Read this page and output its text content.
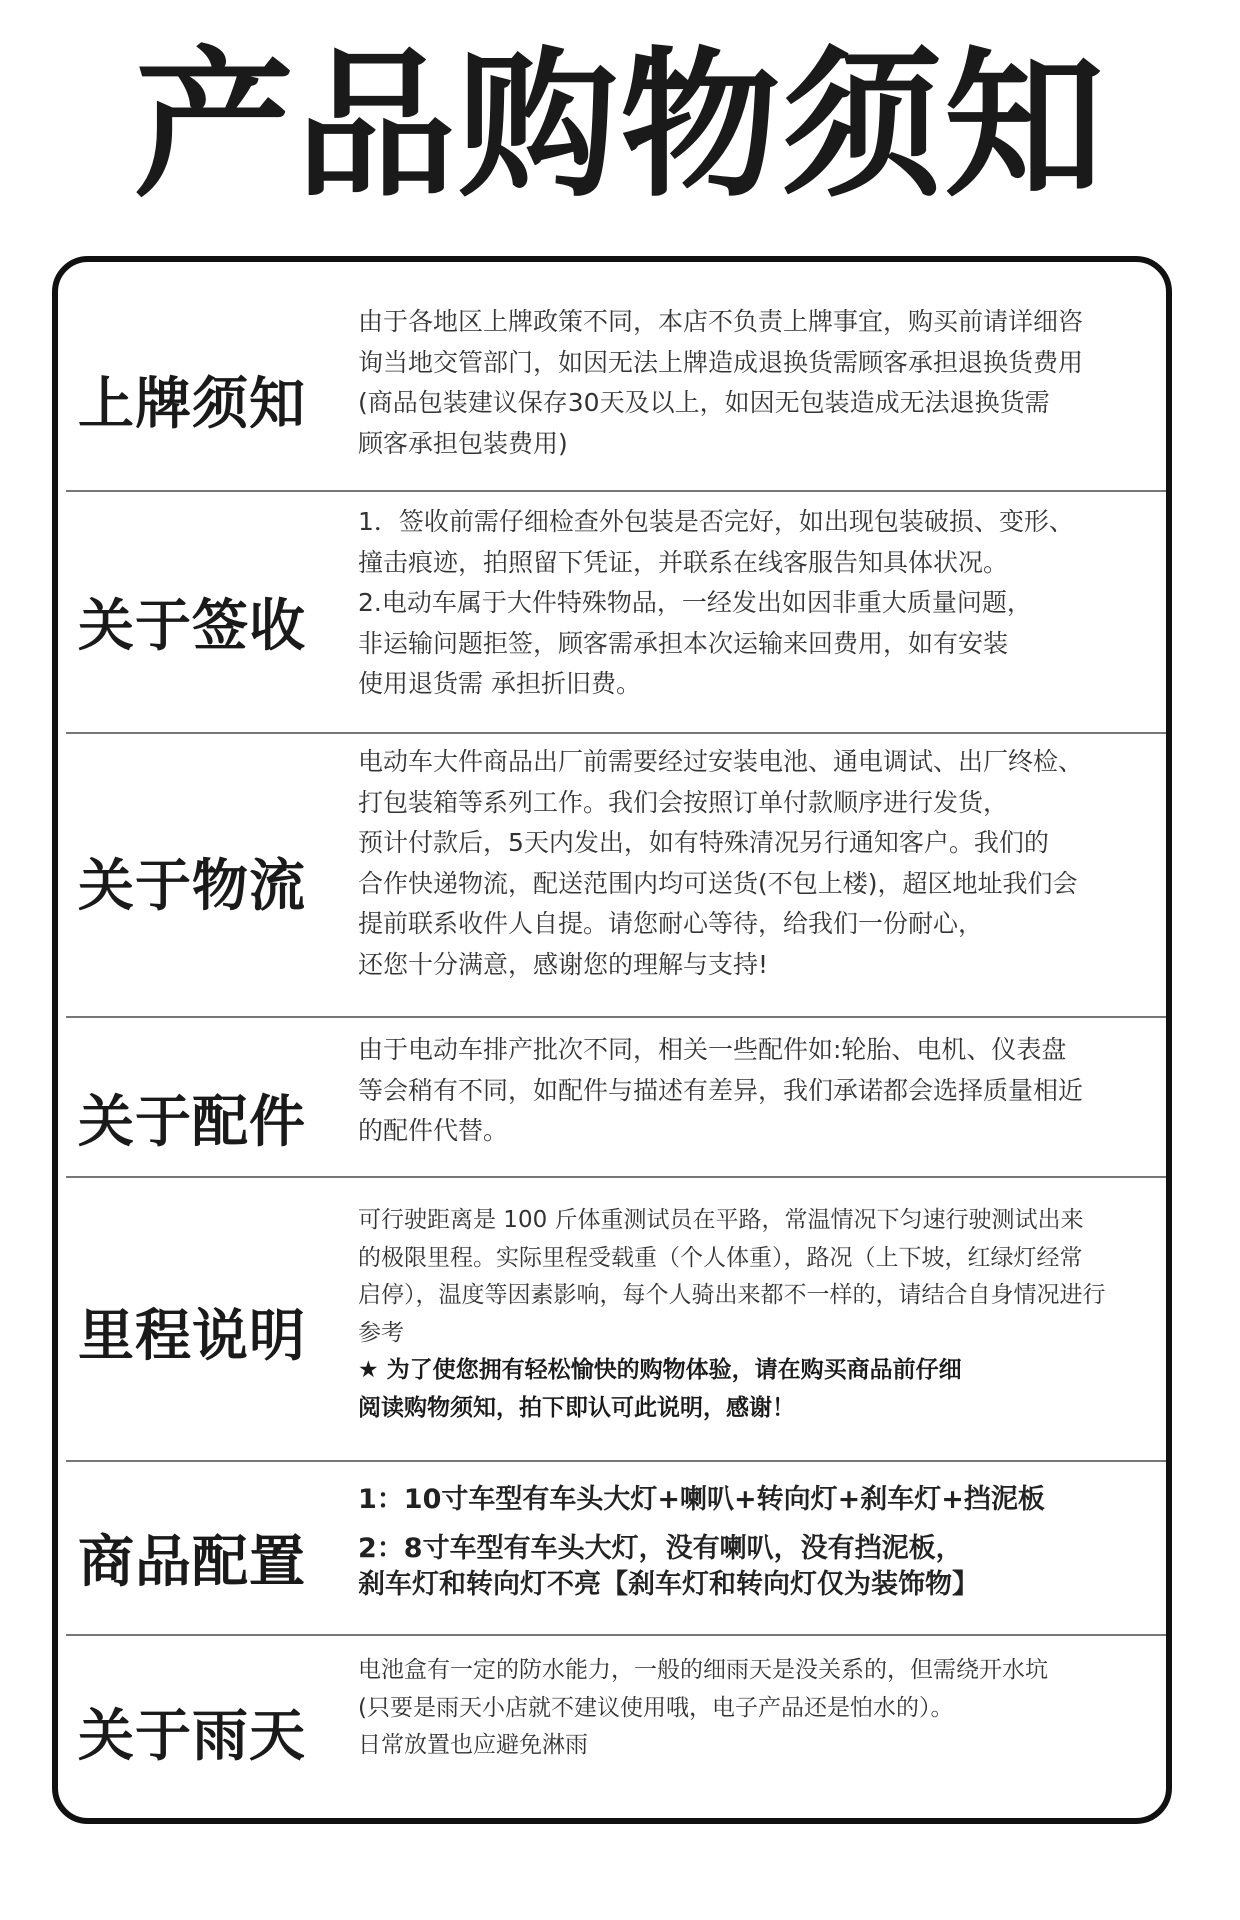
产品购物须知
上牌须知

由于各地区上牌政策不同，本店不负责上牌事宜，购买前请详细咨

询当地交管部门，如因无法上牌造成退换货需顾客承担退换货费用

(商品包装建议保存30天及以上，如因无包装造成无法退换货需

顾客承担包装费用)

关于签收

1．签收前需仔细检查外包装是否完好，如出现包装破损、变形、

撞击痕迹，拍照留下凭证，并联系在线客服告知具体状况。

2.电动车属于大件特殊物品，一经发出如因非重大质量问题，

非运输问题拒签，顾客需承担本次运输来回费用，如有安装

使用退货需 承担折旧费。

关于物流

电动车大件商品出厂前需要经过安装电池、通电调试、出厂终检、

打包装箱等系列工作。我们会按照订单付款顺序进行发货，

预计付款后，5天内发出，如有特殊清况另行通知客户。我们的

合作快递物流，配送范围内均可送货(不包上楼)，超区地址我们会

提前联系收件人自提。请您耐心等待，给我们一份耐心，

还您十分满意，感谢您的理解与支持!

关于配件

由于电动车排产批次不同，相关一些配件如:轮胎、电机、仪表盘

等会稍有不同，如配件与描述有差异，我们承诺都会选择质量相近

的配件代替。

里程说明

可行驶距离是 100 斤体重测试员在平路，常温情况下匀速行驶测试出来

的极限里程。实际里程受载重（个人体重），路况（上下坡，红绿灯经常

启停），温度等因素影响，每个人骑出来都不一样的，请结合自身情况进行

参考

★ 为了使您拥有轻松愉快的购物体验，请在购买商品前仔细

阅读购物须知，拍下即认可此说明，感谢！

商品配置

1：10寸车型有车头大灯+喇叭+转向灯+刹车灯+挡泥板

2：8寸车型有车头大灯，没有喇叭，没有挡泥板，

刹车灯和转向灯不亮【刹车灯和转向灯仅为装饰物】

关于雨天

电池盒有一定的防水能力，一般的细雨天是没关系的，但需绕开水坑

(只要是雨天小店就不建议使用哦，电子产品还是怕水的）。

日常放置也应避免淋雨
